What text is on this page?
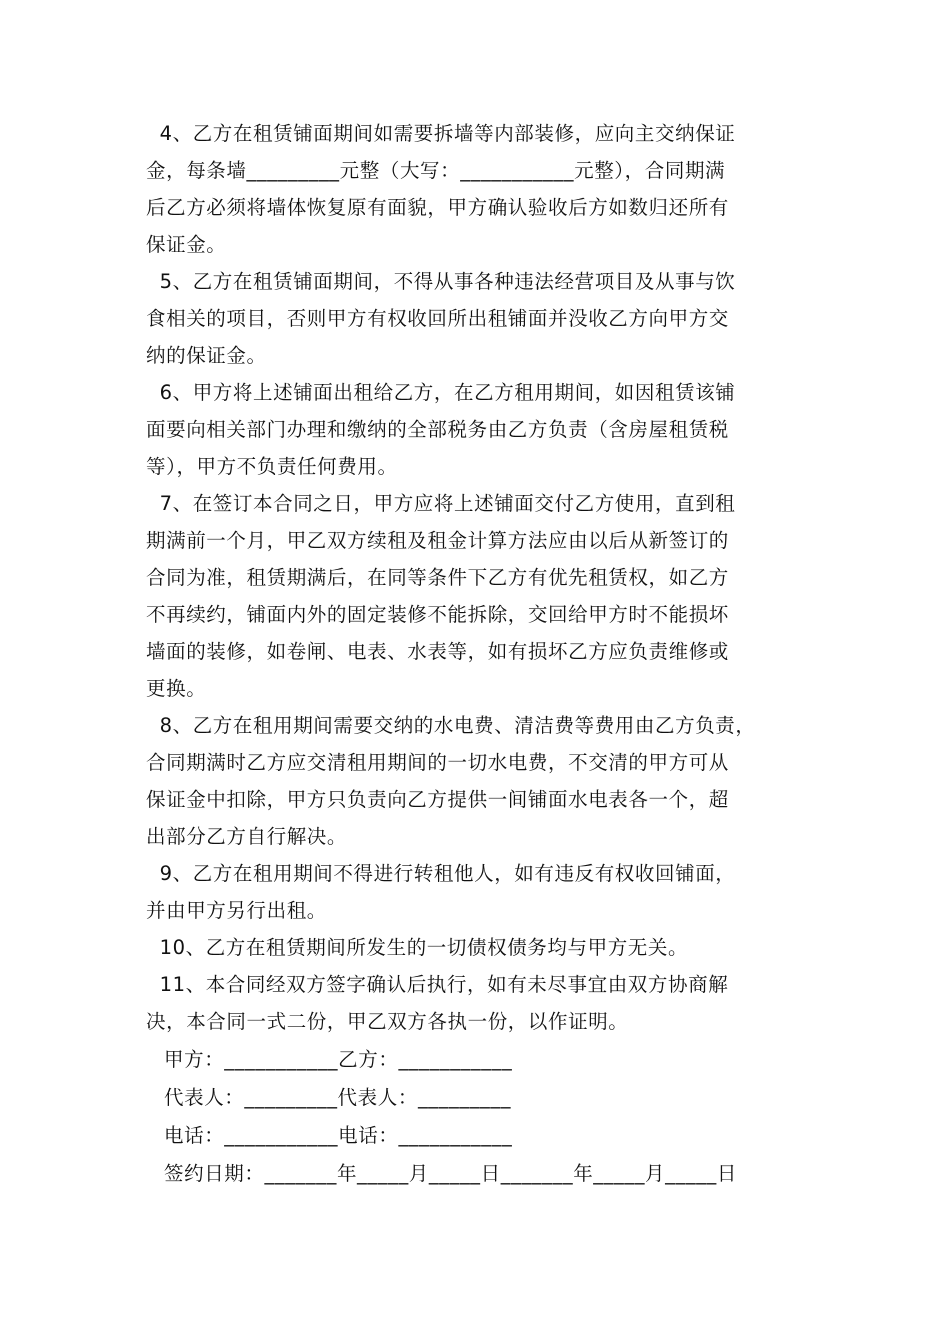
4、乙方在租赁铺面期间如需要拆墙等内部装修，应向主交纳保证
金，每条墙_________元整（大写：___________元整），合同期满
后乙方必须将墙体恢复原有面貌，甲方确认验收后方如数归还所有
保证金。
5、乙方在租赁铺面期间，不得从事各种违法经营项目及从事与饮
食相关的项目，否则甲方有权收回所出租铺面并没收乙方向甲方交
纳的保证金。
6、甲方将上述铺面出租给乙方，在乙方租用期间，如因租赁该铺
面要向相关部门办理和缴纳的全部税务由乙方负责（含房屋租赁税
等），甲方不负责任何费用。
7、在签订本合同之日，甲方应将上述铺面交付乙方使用，直到租
期满前一个月，甲乙双方续租及租金计算方法应由以后从新签订的
合同为准，租赁期满后，在同等条件下乙方有优先租赁权，如乙方
不再续约，铺面内外的固定装修不能拆除，交回给甲方时不能损坏
墙面的装修，如卷闸、电表、水表等，如有损坏乙方应负责维修或
更换。
8、乙方在租用期间需要交纳的水电费、清洁费等费用由乙方负责，
合同期满时乙方应交清租用期间的一切水电费，不交清的甲方可从
保证金中扣除，甲方只负责向乙方提供一间铺面水电表各一个，超
出部分乙方自行解决。
9、乙方在租用期间不得进行转租他人，如有违反有权收回铺面，
并由甲方另行出租。
10、乙方在租赁期间所发生的一切债权债务均与甲方无关。
11、本合同经双方签字确认后执行，如有未尽事宜由双方协商解
决，本合同一式二份，甲乙双方各执一份，以作证明。
甲方：___________乙方：___________
代表人：_________代表人：_________
电话：___________电话：___________
签约日期：_______年_____月_____日_______年_____月_____日
